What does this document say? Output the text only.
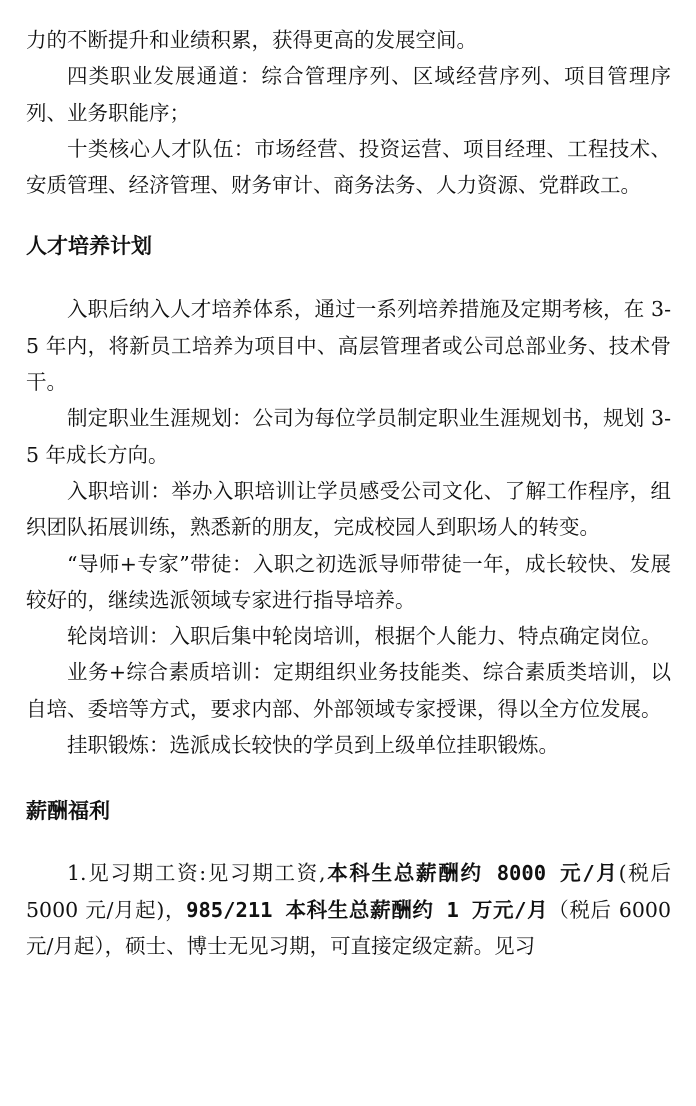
力的不断提升和业绩积累，获得更高的发展空间。

四类职业发展通道：综合管理序列、区域经营序列、项目管理序列、业务职能序；

十类核心人才队伍：市场经营、投资运营、项目经理、工程技术、安质管理、经济管理、财务审计、商务法务、人力资源、党群政工。

人才培养计划

入职后纳入人才培养体系，通过一系列培养措施及定期考核，在 3-5 年内，将新员工培养为项目中、高层管理者或公司总部业务、技术骨干。

制定职业生涯规划：公司为每位学员制定职业生涯规划书，规划 3-5 年成长方向。

入职培训：举办入职培训让学员感受公司文化、了解工作程序，组织团队拓展训练，熟悉新的朋友，完成校园人到职场人的转变。

“导师+专家”带徒：入职之初选派导师带徒一年，成长较快、发展较好的，继续选派领域专家进行指导培养。

轮岗培训：入职后集中轮岗培训，根据个人能力、特点确定岗位。

业务+综合素质培训：定期组织业务技能类、综合素质类培训，以自培、委培等方式，要求内部、外部领域专家授课，得以全方位发展。

挂职锻炼：选派成长较快的学员到上级单位挂职锻炼。

薪酬福利

1.见习期工资:见习期工资,本科生总薪酬约 8000 元/月(税后 5000 元/月起)，985/211 本科生总薪酬约 1 万元/月（税后 6000 元/月起），硕士、博士无见习期，可直接定级定薪。见习
